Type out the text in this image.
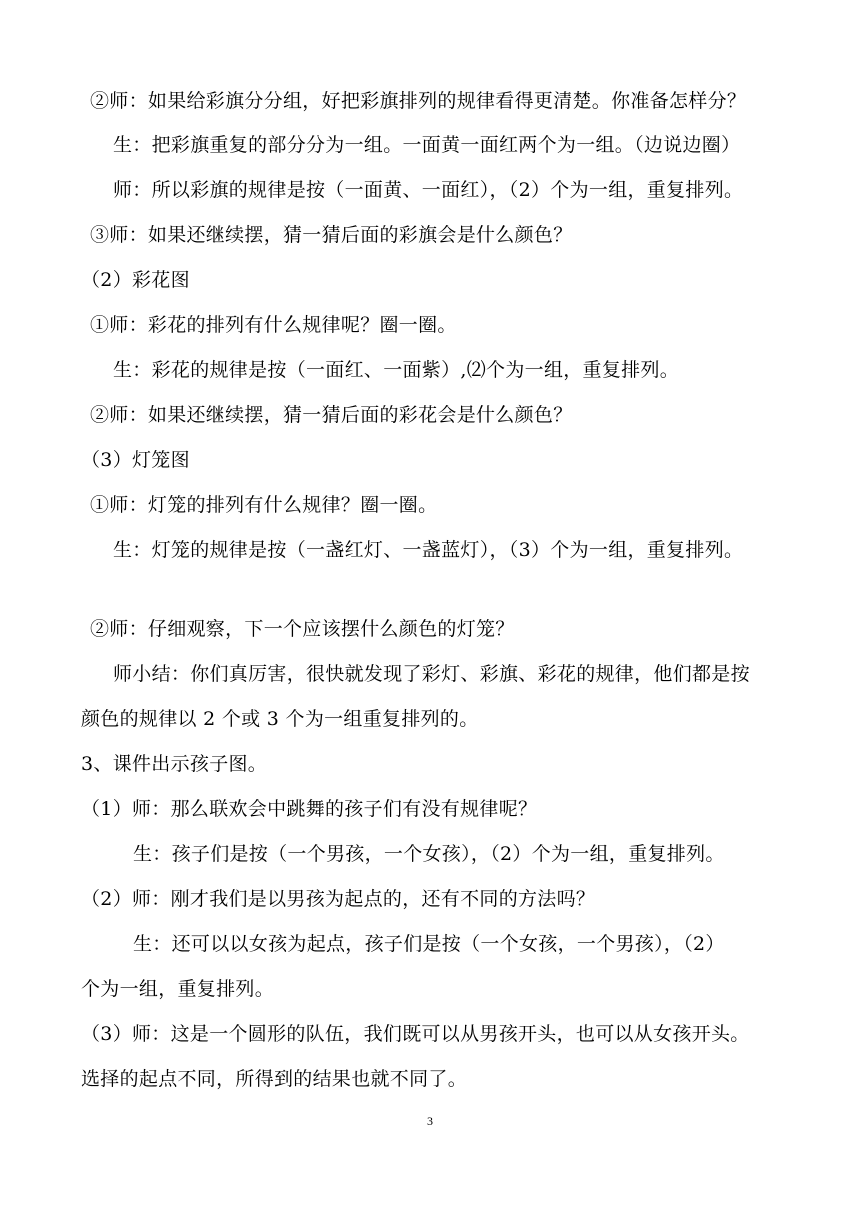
②师：如果给彩旗分分组，好把彩旗排列的规律看得更清楚。你准备怎样分？
生：把彩旗重复的部分分为一组。一面黄一面红两个为一组。（边说边圈）
师：所以彩旗的规律是按（一面黄、一面红），（2）个为一组，重复排列。
③师：如果还继续摆，猜一猜后面的彩旗会是什么颜色？
（2）彩花图
①师：彩花的排列有什么规律呢？圈一圈。
生：彩花的规律是按（一面红、一面紫）,⑵个为一组，重复排列。
②师：如果还继续摆，猜一猜后面的彩花会是什么颜色？
（3）灯笼图
①师：灯笼的排列有什么规律？圈一圈。
生：灯笼的规律是按（一盏红灯、一盏蓝灯），（3）个为一组，重复排列。
②师：仔细观察，下一个应该摆什么颜色的灯笼？
师小结：你们真厉害，很快就发现了彩灯、彩旗、彩花的规律，他们都是按
颜色的规律以 2 个或 3 个为一组重复排列的。
3、课件出示孩子图。
（1）师：那么联欢会中跳舞的孩子们有没有规律呢？
生：孩子们是按（一个男孩，一个女孩），（2）个为一组，重复排列。
（2）师：刚才我们是以男孩为起点的，还有不同的方法吗？
生：还可以以女孩为起点，孩子们是按（一个女孩，一个男孩），（2）
个为一组，重复排列。
（3）师：这是一个圆形的队伍，我们既可以从男孩开头，也可以从女孩开头。
选择的起点不同，所得到的结果也就不同了。
3
